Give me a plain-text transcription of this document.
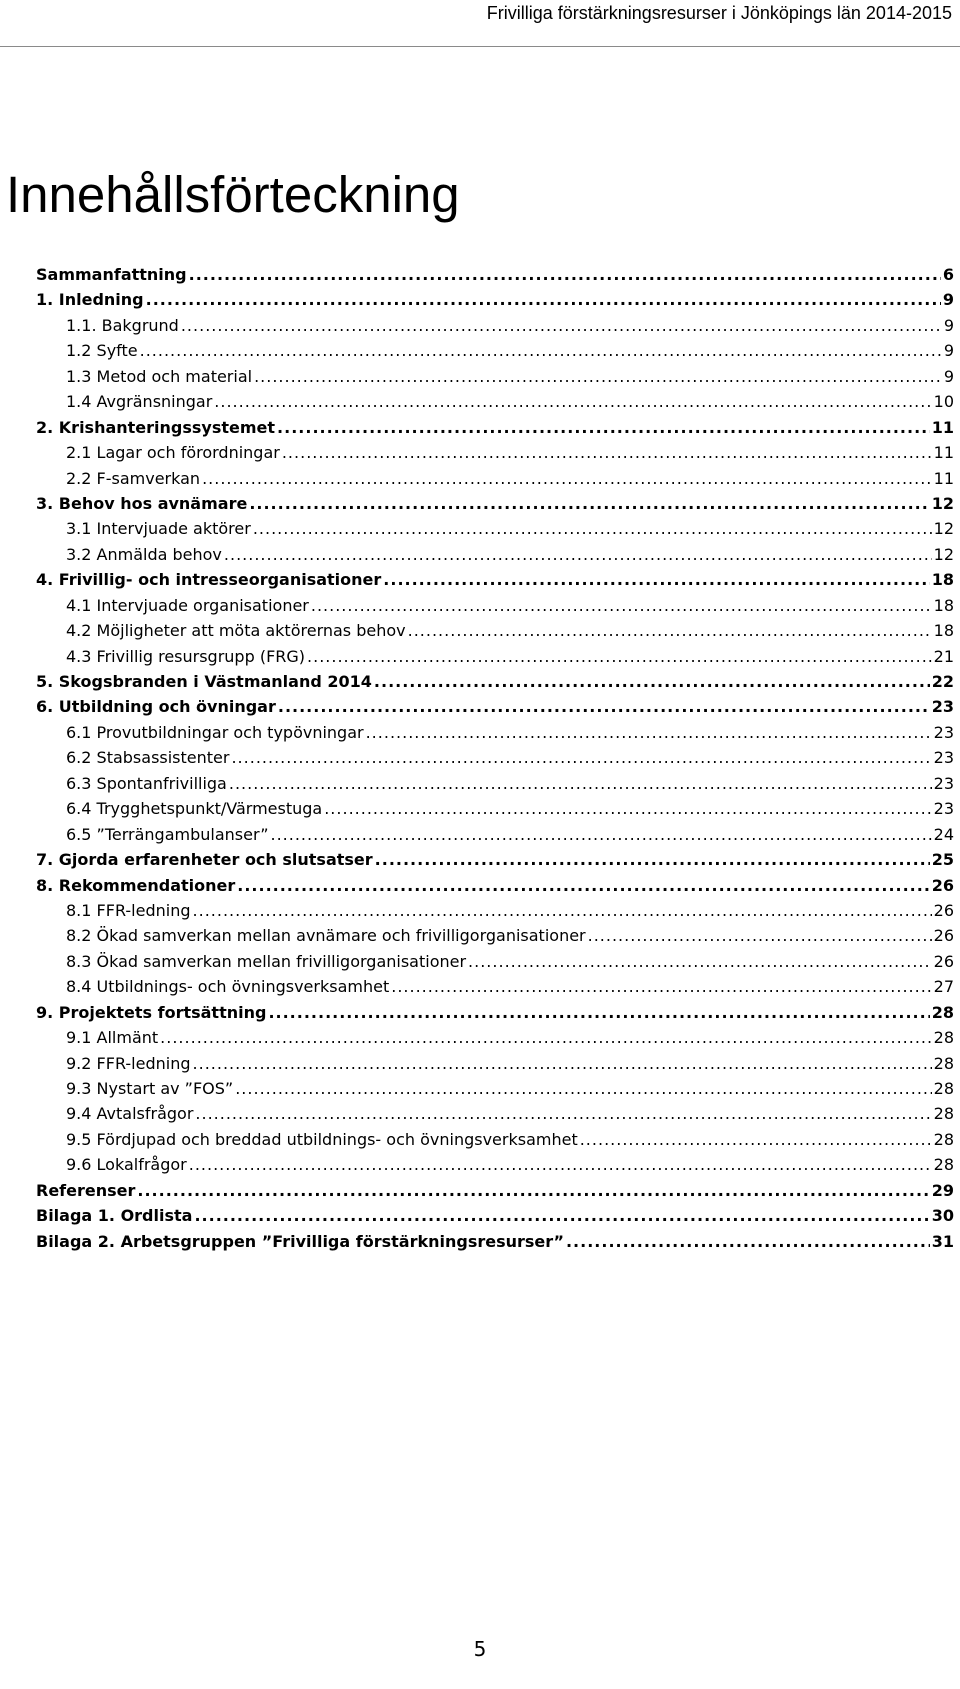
Frivilliga förstärkningsresurser i Jönköpings län 2014-2015
Innehållsförteckning
Sammanfattning .....	6
1. Inledning .....	9
1.1. Bakgrund .....	9
1.2 Syfte .....	9
1.3 Metod och material .....	9
1.4 Avgränsningar .....	10
2. Krishanteringssystemet .....	11
2.1 Lagar och förordningar .....	11
2.2 F-samverkan .....	11
3. Behov hos avnämare .....	12
3.1 Intervjuade aktörer .....	12
3.2 Anmälda behov .....	12
4. Frivillig- och intresseorganisationer .....	18
4.1 Intervjuade organisationer .....	18
4.2 Möjligheter att möta aktörernas behov .....	18
4.3 Frivillig resursgrupp (FRG) .....	21
5. Skogsbranden i Västmanland 2014 .....	22
6. Utbildning och övningar .....	23
6.1 Provutbildningar och typövningar .....	23
6.2 Stabsassistenter .....	23
6.3 Spontanfrivilliga .....	23
6.4 Trygghetspunkt/Värmestuga .....	23
6.5 ”Terrängambulanser” .....	24
7. Gjorda erfarenheter och slutsatser .....	25
8. Rekommendationer .....	26
8.1 FFR-ledning .....	26
8.2 Ökad samverkan mellan avnämare och frivilligorganisationer .....	26
8.3 Ökad samverkan mellan frivilligorganisationer .....	26
8.4 Utbildnings- och övningsverksamhet .....	27
9. Projektets fortsättning .....	28
9.1 Allmänt .....	28
9.2 FFR-ledning .....	28
9.3 Nystart av ”FOS” .....	28
9.4 Avtalsfrågor .....	28
9.5 Fördjupad och breddad utbildnings- och övningsverksamhet .....	28
9.6 Lokalfrågor .....	28
Referenser .....	29
Bilaga 1. Ordlista .....	30
Bilaga 2. Arbetsgruppen ”Frivilliga förstärkningsresurser” .....	31
5
